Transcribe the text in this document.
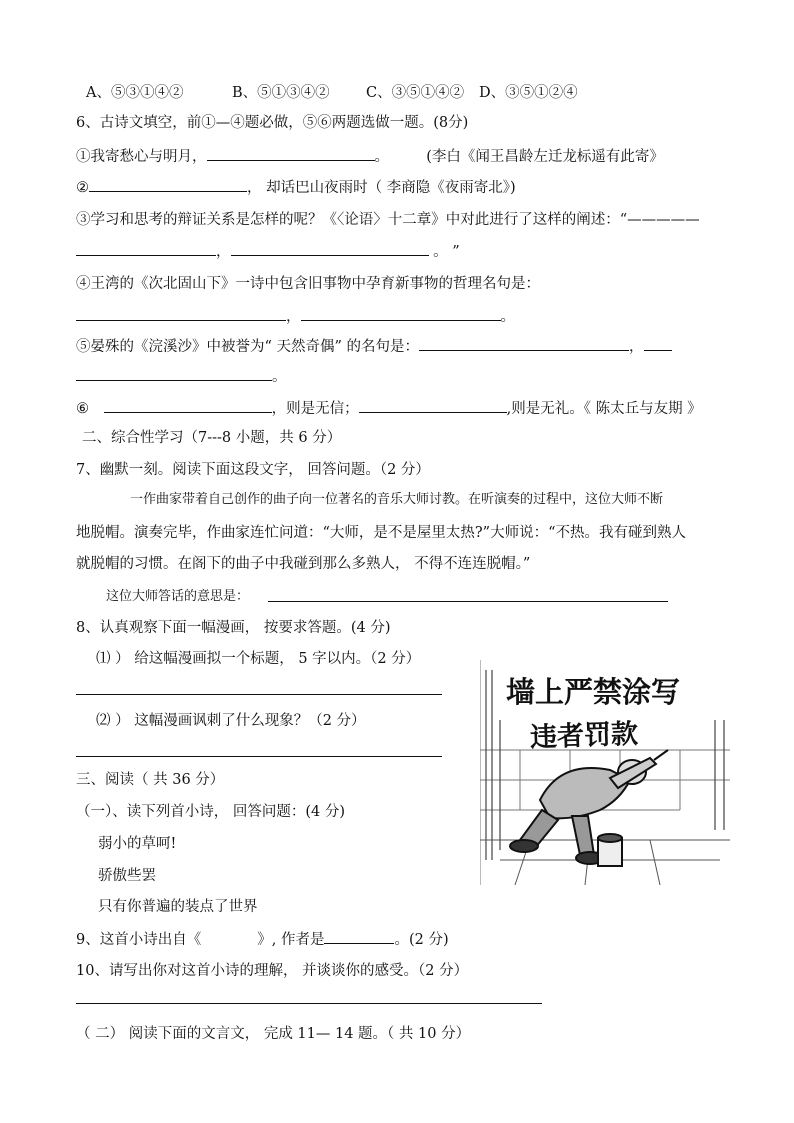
A、⑤③①④②	B、⑤①③④②	C、③⑤①④② D、③⑤①②④
6、古诗文填空，前①—④题必做，⑤⑥两题选做一题。(8分)
①我寄愁心与明月，	。	(李白《闻王昌龄左迁龙标遥有此寄》
②	， 却话巴山夜雨时（ 李商隐《夜雨寄北》)
③学习和思考的辩证关系是怎样的呢？《〈论语〉十二章》中对此进行了这样的阐述：“—————
，	。 ”
④王湾的《次北固山下》一诗中包含旧事物中孕育新事物的哲理名句是：
，	。
⑤晏殊的《浣溪沙》中被誉为“ 天然奇偶” 的名句是：	，
。
⑥	，则是无信；	,则是无礼。《 陈太丘与友期 》
二、综合性学习（7---8 小题，共 6 分）
7、幽默一刻。阅读下面这段文字， 回答问题。（2 分）
一作曲家带着自己创作的曲子向一位著名的音乐大师讨教。在听演奏的过程中，这位大师不断
地脱帽。演奏完毕，作曲家连忙问道：“大师，是不是屋里太热?”大师说：“不热。我有碰到熟人
就脱帽的习惯。在阁下的曲子中我碰到那么多熟人， 不得不连连脱帽。”
这位大师答话的意思是：
8、认真观察下面一幅漫画， 按要求答题。(4 分)
⑴ ） 给这幅漫画拟一个标题， 5 字以内。（2 分）
⑵ ） 这幅漫画讽刺了什么现象？（2 分）
墙上严禁涂写
违者罚款
三、阅读（ 共 36 分）
（一）、读下列首小诗， 回答问题：(4 分)
弱小的草呵!
骄傲些罢
只有你普遍的装点了世界
9、这首小诗出自《	》, 作者是	。(2 分)
10、请写出你对这首小诗的理解， 并谈谈你的感受。（2 分）
（ 二） 阅读下面的文言文， 完成 11— 14 题。（ 共 10 分）
